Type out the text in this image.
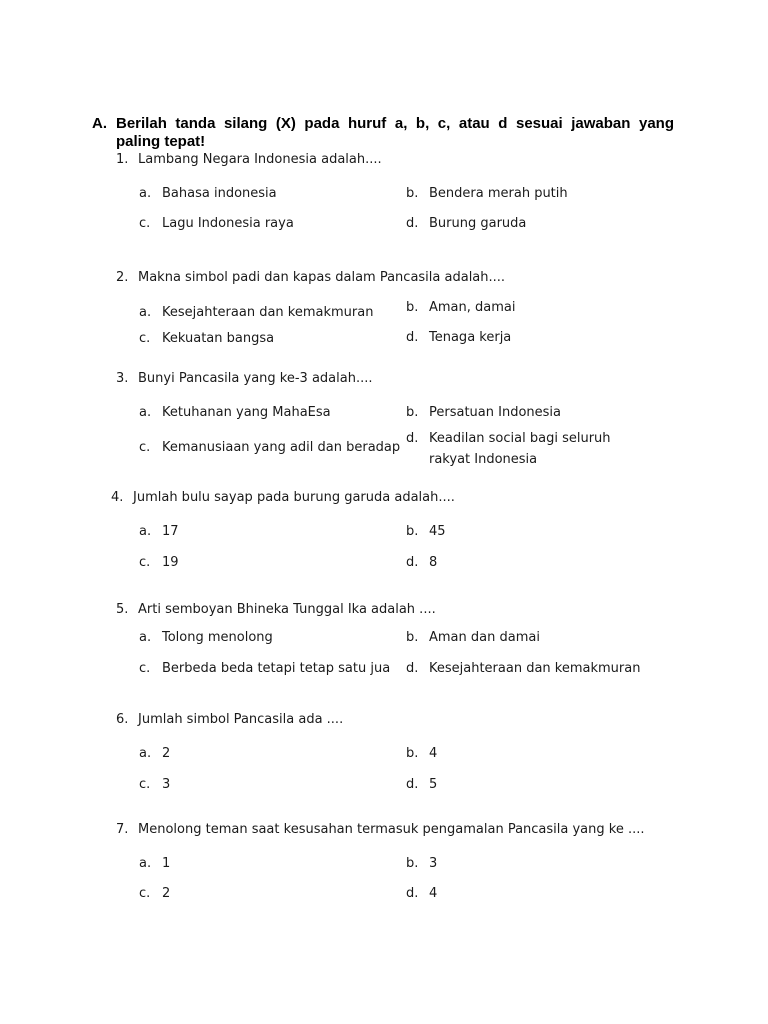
A. Berilah tanda silang (X) pada huruf a, b, c, atau d sesuai jawaban yang
paling tepat!
1. Lambang Negara Indonesia adalah....
a. Bahasa indonesia	b. Bendera merah putih
c. Lagu Indonesia raya	d. Burung garuda
2. Makna simbol padi dan kapas dalam Pancasila adalah....
a. Kesejahteraan dan kemakmuran	b. Aman, damai
c. Kekuatan bangsa	d. Tenaga kerja
3. Bunyi Pancasila yang ke-3 adalah....
a. Ketuhanan yang MahaEsa	b. Persatuan Indonesia
c. Kemanusiaan yang adil dan beradap
d. Keadilan social bagi seluruh rakyat Indonesia
4. Jumlah bulu sayap pada burung garuda adalah....
a. 17	b. 45
c. 19	d. 8
5. Arti semboyan Bhineka Tunggal Ika adalah ....
a. Tolong menolong	b. Aman dan damai
c. Berbeda beda tetapi tetap satu jua d. Kesejahteraan dan kemakmuran
6. Jumlah simbol Pancasila ada ....
a. 2	b. 4
c. 3	d. 5
7. Menolong teman saat kesusahan termasuk pengamalan Pancasila yang ke ....
a. 1	b. 3
c. 2	d. 4
